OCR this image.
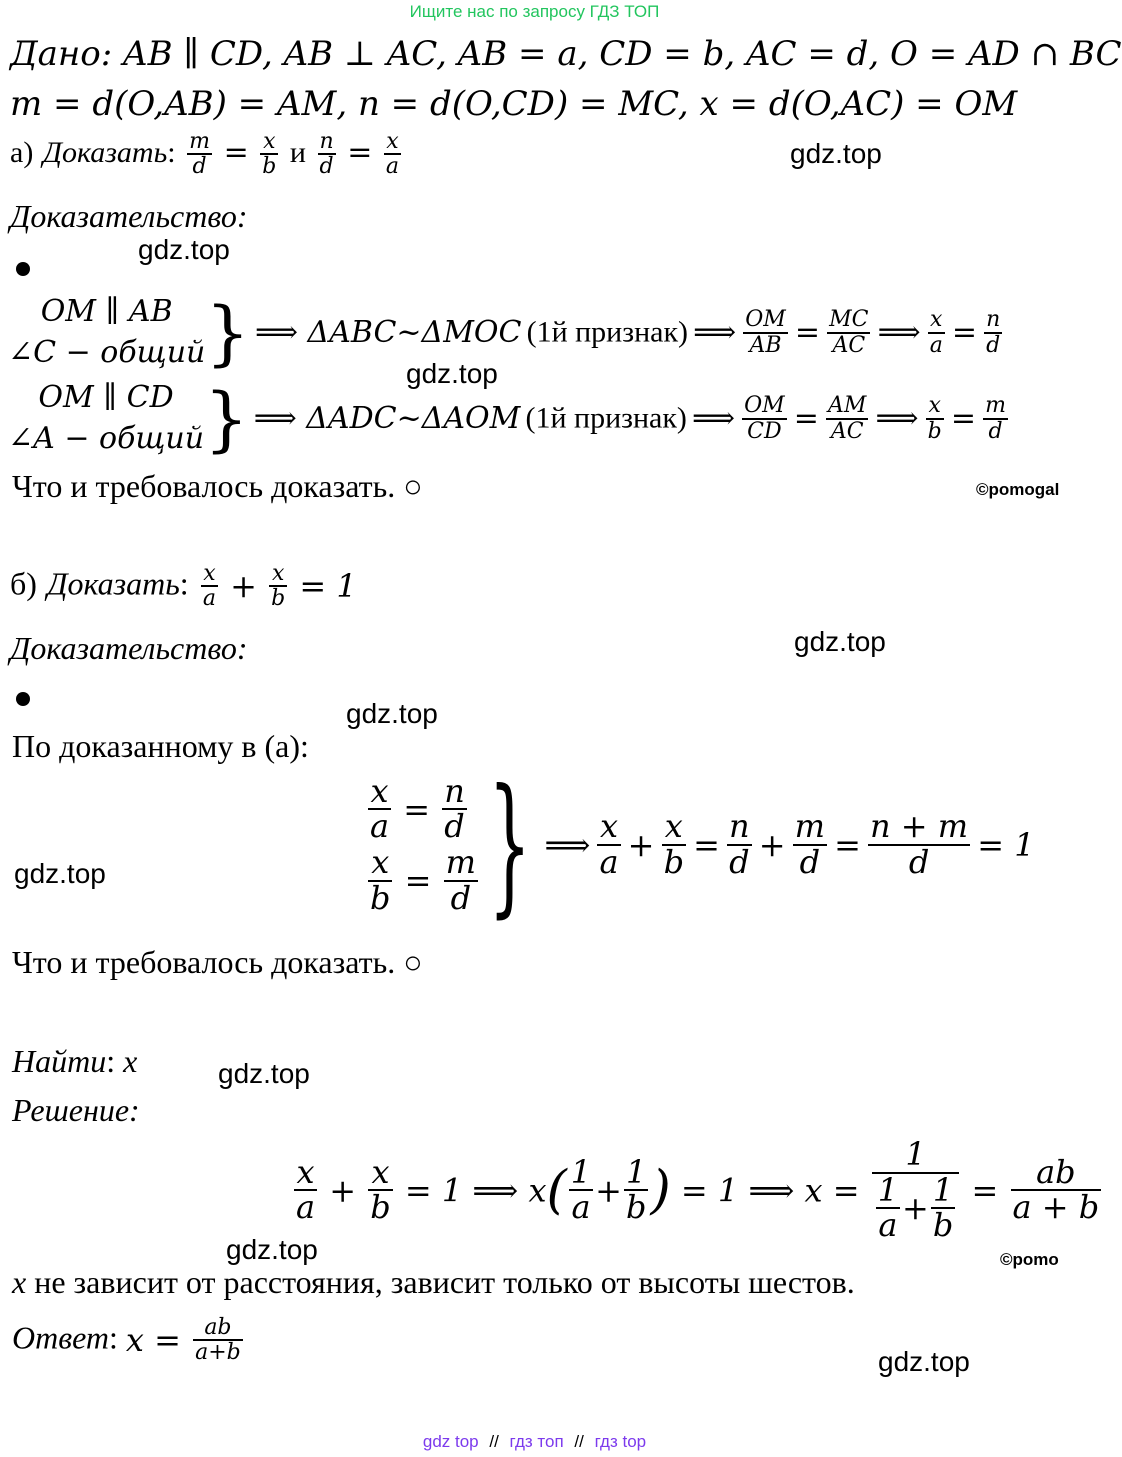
Ищите нас по запросу ГДЗ ТОП
Дано: AB ∥ CD, AB ⊥ AC, AB = a, CD = b, AC = d, O = AD ∩ BC
m = d(O,AB) = AM, n = d(O,CD) = MC, x = d(O,AC) = OM
а) Доказать: $\frac{m}{d} = \frac{x}{b}$ и $\frac{n}{d} = \frac{x}{a}$
Доказательство:
OM ∥ AB
∠C − общий } ⟹ ΔABC~ΔMOC (1й признак) ⟹ $\frac{OM}{AB} = \frac{MC}{AC}$ ⟹ $\frac{x}{a} = \frac{n}{d}$
OM ∥ CD
∠A − общий } ⟹ ΔADC~ΔAOM (1й признак) ⟹ $\frac{OM}{CD} = \frac{AM}{AC}$ ⟹ $\frac{x}{b} = \frac{m}{d}$
Что и требовалось доказать. ○
б) Доказать: $\frac{x}{a} + \frac{x}{b} = 1$
Доказательство:
По доказанному в (а):
$\frac{x}{a} = \frac{n}{d}$
$\frac{x}{b} = \frac{m}{d}$ } ⟹ $\frac{x}{a} + \frac{x}{b} = \frac{n}{d} + \frac{m}{d} = \frac{n + m}{d} = 1$
Что и требовалось доказать. ○
Найти: x
Решение:
$\frac{x}{a} + \frac{x}{b} = 1$ ⟹ $x( \frac{1}{a} + \frac{1}{b}$ ) = 1 ⟹ $x = \frac{1}{\frac{1}{a} + \frac{1}{b}} = \frac{ab}{a + b}$
x не зависит от расстояния, зависит только от высоты шестов.
Ответ: $x = \frac{ab}{a+b}$
gdz.top
gdz.top
gdz.top
©pomogal
gdz.top
gdz.top
gdz.top
gdz.top
gdz.top	©pomo
gdz.top
gdz top // гдз топ // гдз top
